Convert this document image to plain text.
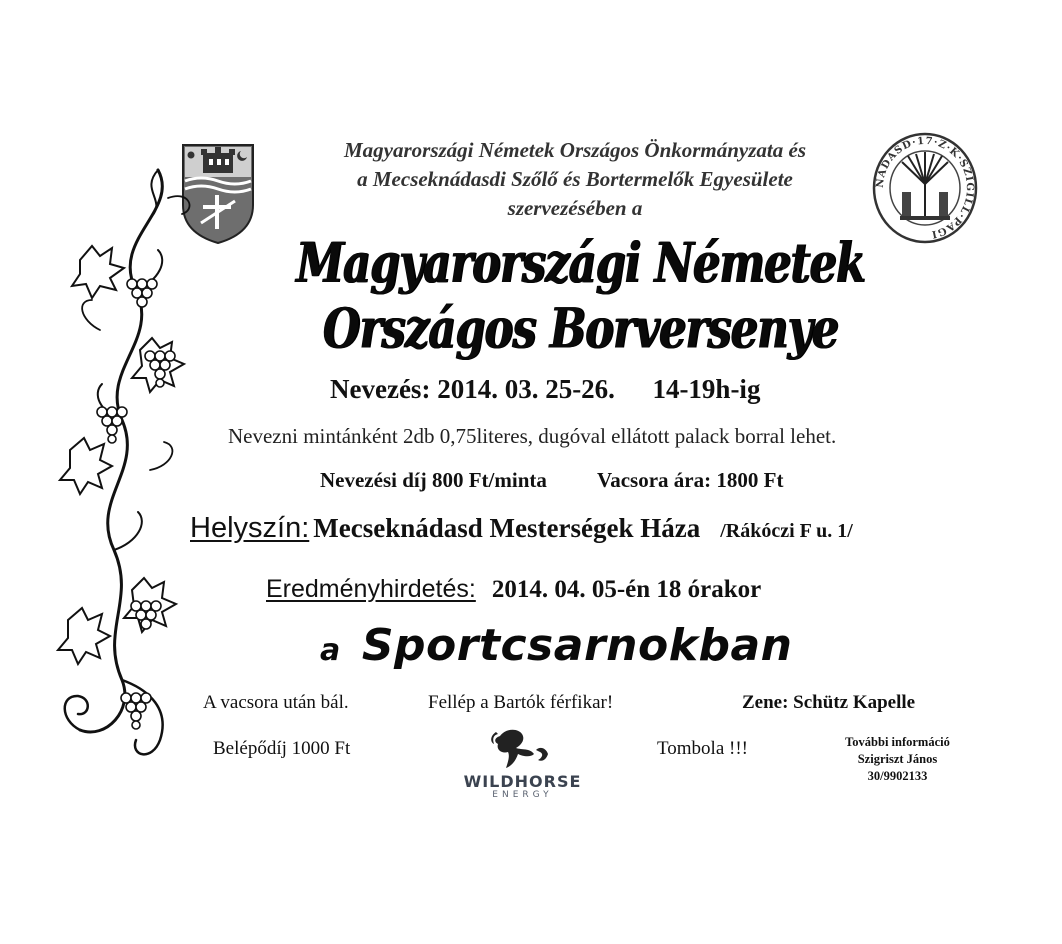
NADASD·17·Z·K·SZIGILL·PAGI
Magyarországi Németek Országos Önkormányzata és
a Mecseknádasdi Szőlő és Bortermelők Egyesülete
szervezésében a
Magyarországi Németek
Országos Borversenye
Nevezés: 2014. 03. 25-26. 14-19h-ig
Nevezni mintánként 2db 0,75literes, dugóval ellátott palack borral lehet.
Nevezési díj 800 Ft/minta Vacsora ára: 1800 Ft
Helyszín: Mecseknádasd Mesterségek Háza /Rákóczi F u. 1/
Eredményhirdetés: 2014. 04. 05-én 18 órakor
a Sportcsarnokban
A vacsora után bál.	Fellép a Bartók férfikar!	Zene: Schütz Kapelle
Belépődíj 1000 Ft	Tombola !!!	További információ
Szigriszt János
30/9902133
WILDHORSE
ENERGY
